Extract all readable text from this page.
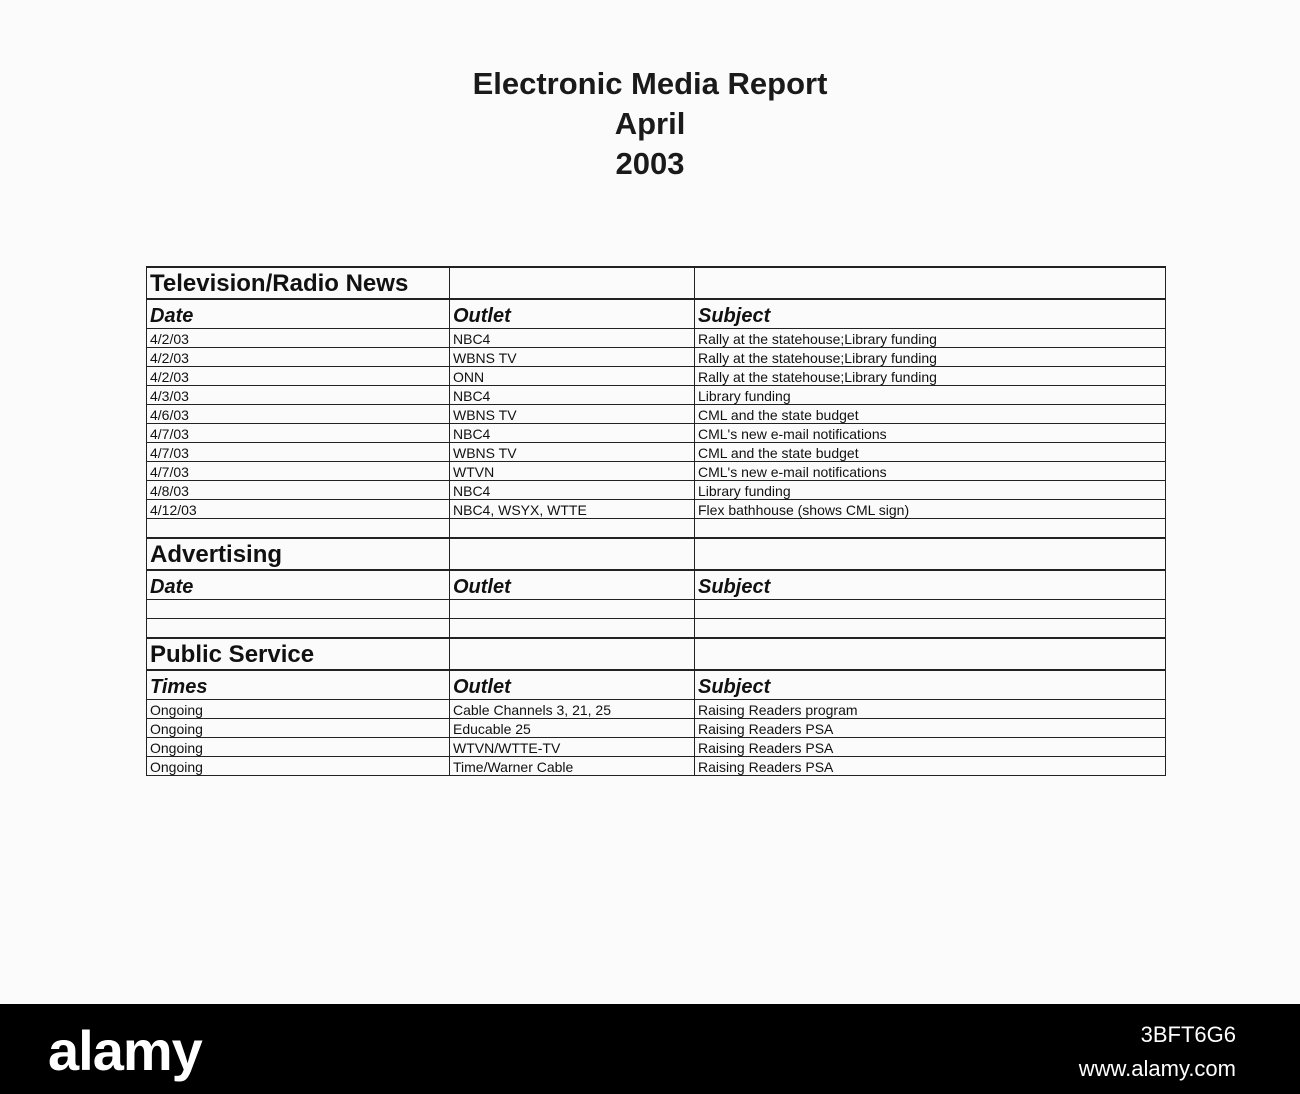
Electronic Media Report
April
2003
Television/Radio News		
Date	Outlet	Subject
4/2/03	NBC4	Rally at the statehouse;Library funding
4/2/03	WBNS TV	Rally at the statehouse;Library funding
4/2/03	ONN	Rally at the statehouse;Library funding
4/3/03	NBC4	Library funding
4/6/03	WBNS TV	CML and the state budget
4/7/03	NBC4	CML's new e-mail notifications
4/7/03	WBNS TV	CML and the state budget
4/7/03	WTVN	CML's new e-mail notifications
4/8/03	NBC4	Library funding
4/12/03	NBC4, WSYX, WTTE	Flex bathhouse (shows CML sign)

Advertising		
Date	Outlet	Subject

Public Service		
Times	Outlet	Subject
Ongoing	Cable Channels 3, 21, 25	Raising Readers program
Ongoing	Educable 25	Raising Readers PSA
Ongoing	WTVN/WTTE-TV	Raising Readers PSA
Ongoing	Time/Warner Cable	Raising Readers PSA
alamy	3BFT6G6
www.alamy.com
